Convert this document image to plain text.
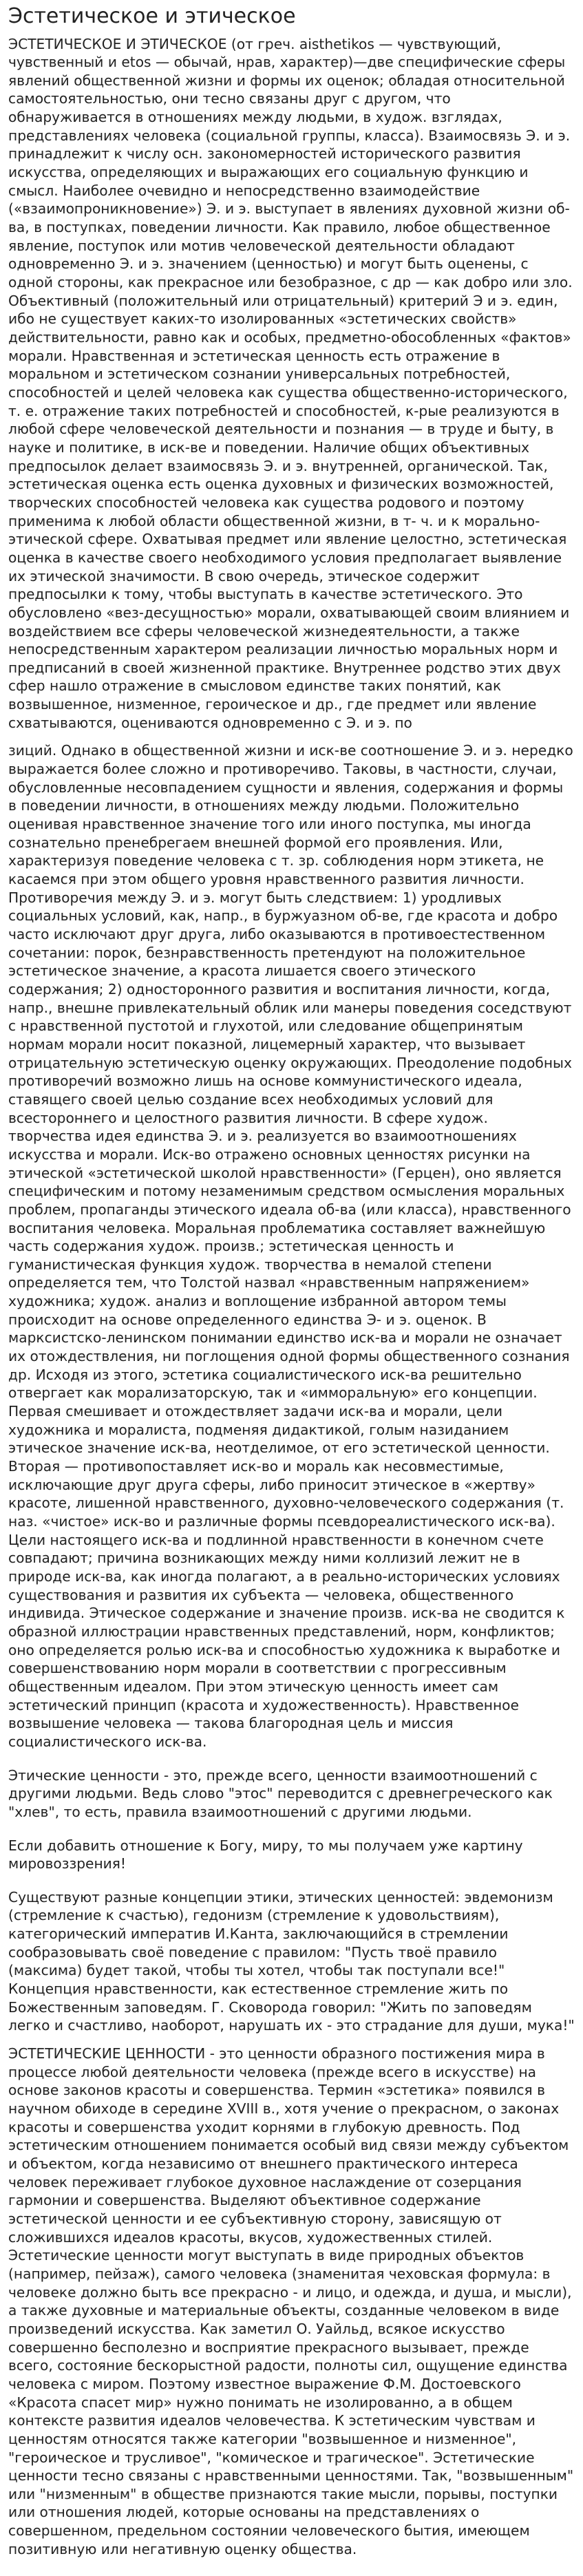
Эстетическое и этическое

ЭСТЕТИЧЕСКОЕ И ЭТИЧЕСКОЕ (от греч. aisthetikos — чувствующий, чувственный и etos — обычай, нрав, характер)—две специфические сферы явлений общественной жизни и формы их оценок; обладая относительной самостоятельностью, они тесно связаны друг с другом, что обнаруживается в отношениях между людьми, в худож. взглядах, представлениях человека (социальной группы, класса). Взаимосвязь Э. и э. принадлежит к числу осн. закономерностей исторического развития искусства, определяющих и выражающих его социальную функцию и смысл. Наиболее очевидно и непосредственно взаимодействие («взаимопроникновение») Э. и э. выступает в явлениях духовной жизни об-ва, в поступках, поведении личности. Как правило, любое общественное явление, поступок или мотив человеческой деятельности обладают одновременно Э. и э. значением (ценностью) и могут быть оценены, с одной стороны, как прекрасное или безобразное, с др — как добро или зло. Объективный (положительный или отрицательный) критерий Э и э. един, ибо не существует каких-то изолированных «эстетических свойств» действительности, равно как и особых, предметно-обособленных «фактов» морали. Нравственная и эстетическая ценность есть отражение в моральном и эстетическом сознании универсальных потребностей, способностей и целей человека как существа общественно-исторического, т. е. отражение таких потребностей и способностей, к-рые реализуются в любой сфере человеческой деятельности и познания — в труде и быту, в науке и политике, в иск-ве и поведении. Наличие общих объективных предпосылок делает взаимосвязь Э. и э. внутренней, органической. Так, эстетическая оценка есть оценка духовных и физических возможностей, творческих способностей человека как существа родового и поэтому применима к любой области общественной жизни, в т- ч. и к морально-этической сфере. Охватывая предмет или явление целостно, эстетическая оценка в качестве своего необходимого условия предполагает выявление их этической значимости. В свою очередь, этическое содержит предпосылки к тому, чтобы выступать в качестве эстетического. Это обусловлено «вез-десущностью» морали, охватывающей своим влиянием и воздействием все сферы человеческой жизнедеятельности, а также непосредственным характером реализации личностью моральных норм и предписаний в своей жизненной практике. Внутреннее родство этих двух сфер нашло отражение в смысловом единстве таких понятий, как возвышенное, низменное, героическое и др., где предмет или явление схватываются, оцениваются одновременно с Э. и э. по

зиций. Однако в общественной жизни и иск-ве соотношение Э. и э. нередко выражается более сложно и противоречиво. Таковы, в частности, случаи, обусловленные несовпадением сущности и явления, содержания и формы в поведении личности, в отношениях между людьми. Положительно оценивая нравственное значение того или иного поступка, мы иногда сознательно пренебрегаем внешней формой его проявления. Или, характеризуя поведение человека с т. зр. соблюдения норм этикета, не касаемся при этом общего уровня нравственного развития личности. Противоречия между Э. и э. могут быть следствием: 1) уродливых социальных условий, как, напр., в буржуазном об-ве, где красота и добро часто исключают друг друга, либо оказываются в противоестественном сочетании: порок, безнравственность претендуют на положительное эстетическое значение, а красота лишается своего этического содержания; 2) односторонного развития и воспитания личности, когда, напр., внешне привлекательный облик или манеры поведения соседствуют с нравственной пустотой и глухотой, или следование общепринятым нормам морали носит показной, лицемерный характер, что вызывает отрицательную эстетическую оценку окружающих. Преодоление подобных противоречий возможно лишь на основе коммунистического идеала, ставящего своей целью создание всех необходимых условий для всестороннего и целостного развития личности. В сфере худож. творчества идея единства Э. и э. реализуется во взаимоотношениях искусства и морали. Иск-во отражено основных ценностях рисунки на этической «эстетической школой нравственности» (Герцен), оно является специфическим и потому незаменимым средством осмысления моральных проблем, пропаганды этического идеала об-ва (или класса), нравственного воспитания человека. Моральная проблематика составляет важнейшую часть содержания худож. произв.; эстетическая ценность и гуманистическая функция худож. творчества в немалой степени определяется тем, что Толстой назвал «нравственным напряжением» художника; худож. анализ и воплощение избранной автором темы происходит на основе определенного единства Э- и э. оценок. В марксистско-ленинском понимании единство иск-ва и морали не означает их отождествления, ни поглощения одной формы общественного сознания др. Исходя из этого, эстетика социалистического иск-ва решительно отвергает как морализаторскую, так и «имморальную» его концепции. Первая смешивает и отождествляет задачи иск-ва и морали, цели художника и моралиста, подменяя дидактикой, голым назиданием этическое значение иск-ва, неотделимое, от его эстетической ценности. Вторая — противопоставляет иск-во и мораль как несовместимые, исключающие друг друга сферы, либо приносит этическое в «жертву» красоте, лишенной нравственного, духовно-человеческого содержания (т. наз. «чистое» иск-во и различные формы псевдореалистического иск-ва). Цели настоящего иск-ва и подлинной нравственности в конечном счете совпадают; причина возникающих между ними коллизий лежит не в природе иск-ва, как иногда полагают, а в реально-исторических условиях существования и развития их субъекта — человека, общественного индивида. Этическое содержание и значение произв. иск-ва не сводится к образной иллюстрации нравственных представлений, норм, конфликтов; оно определяется ролью иск-ва и способностью художника к выработке и совершенствованию норм морали в соответствии с прогрессивным общественным идеалом. При этом этическую ценность имеет сам эстетический принцип (красота и художественность). Нравственное возвышение человека — такова благородная цель и миссия социалистического иск-ва.

Этические ценности - это, прежде всего, ценности взаимоотношений с другими людьми. Ведь слово "этос" переводится с древнегреческого как "хлев", то есть, правила взаимоотношений с другими людьми.

Если добавить отношение к Богу, миру, то мы получаем уже картину мировоззрения!

Существуют разные концепции этики, этических ценностей: эвдемонизм (стремление к счастью), гедонизм (стремление к удовольствиям), категорический императив И.Канта, заключающийся в стремлении сообразовывать своё поведение с правилом: "Пусть твоё правило (максима) будет такой, чтобы ты хотел, чтобы так поступали все!" Концепция нравственности, как естественное стремление жить по Божественным заповедям. Г. Сковорода говорил: "Жить по заповедям легко и счастливо, наоборот, нарушать их - это страдание для души, мука!"

ЭСТЕТИЧЕСКИЕ ЦЕННОСТИ - это ценности образного постижения мира в процессе любой деятельности человека (прежде всего в искусстве) на основе законов красоты и совершенства. Термин «эстетика» появился в научном обиходе в середине XVIII в., хотя учение о прекрасном, о законах красоты и совершенства уходит корнями в глубокую древность. Под эстетическим отношением понимается особый вид связи между субъектом и объектом, когда независимо от внешнего практического интереса человек переживает глубокое духовное наслаждение от созерцания гармонии и совершенства. Выделяют объективное содержание эстетической ценности и ее субъективную сторону, зависящую от сложившихся идеалов красоты, вкусов, художественных стилей. Эстетические ценности могут выступать в виде природных объектов (например, пейзаж), самого человека (знаменитая чеховская формула: в человеке должно быть все прекрасно - и лицо, и одежда, и душа, и мысли), а также духовные и материальные объекты, созданные человеком в виде произведений искусства. Как заметил О. Уайльд, всякое искусство совершенно бесполезно и восприятие прекрасного вызывает, прежде всего, состояние бескорыстной радости, полноты сил, ощущение единства человека с миром. Поэтому известное выражение Ф.М. Достоевского «Красота спасет мир» нужно понимать не изолированно, а в общем контексте развития идеалов человечества. К эстетическим чувствам и ценностям относятся также категории "возвышенное и низменное", "героическое и трусливое", "комическое и трагическое". Эстетические ценности тесно связаны с нравственными ценностями. Так, "возвышенным" или "низменным" в обществе признаются такие мысли, порывы, поступки или отношения людей, которые основаны на представлениях о совершенном, предельном состоянии человеческого бытия, имеющем позитивную или негативную оценку общества.
